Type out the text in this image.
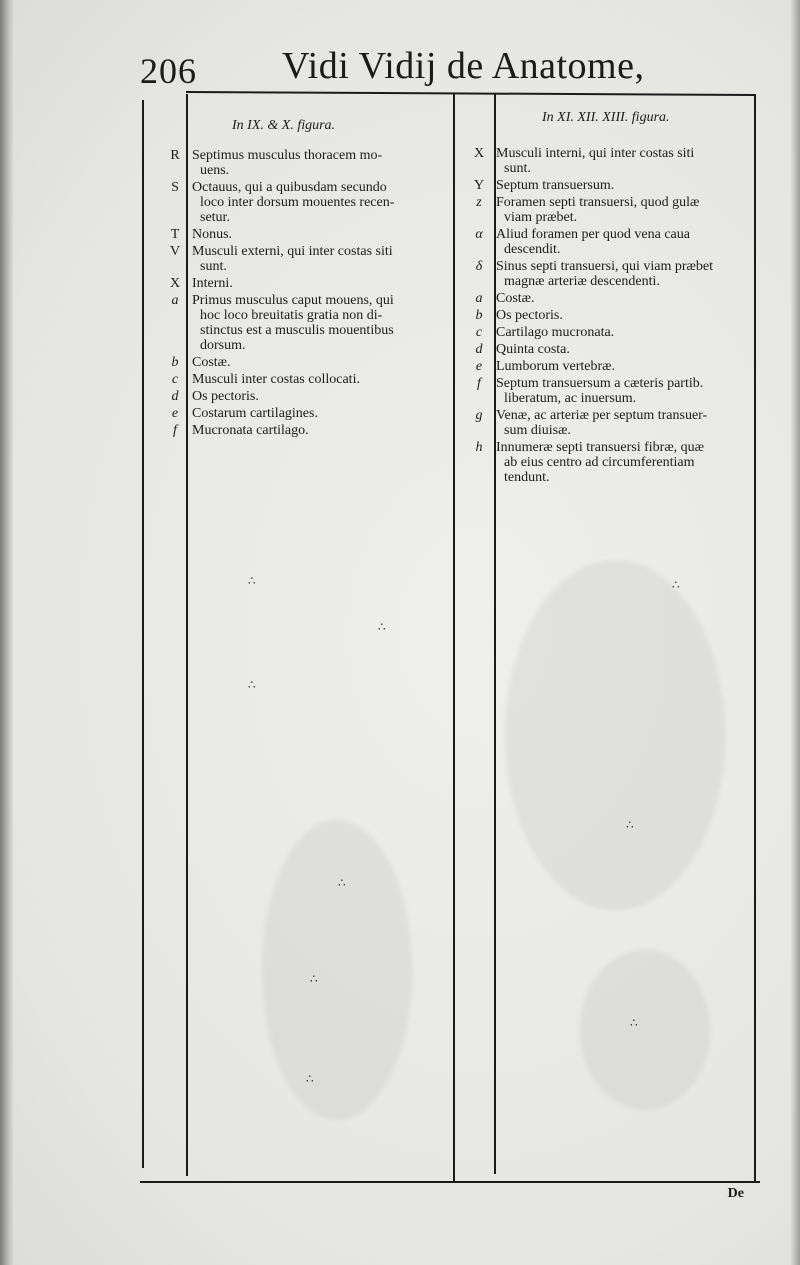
∴
∴
∴
∴
∴
∴
∴
∴
∴
206 Vidi Vidij de Anatome,
In IX. & X. figura.
In XI. XII. XIII. figura.
R Septimus musculus thoracem mo-
uens.
S Octauus, qui a quibusdam secundo
loco inter dorsum mouentes recen-
setur.
T Nonus.
V Musculi externi, qui inter costas siti
sunt.
X Interni.
a Primus musculus caput mouens, qui
hoc loco breuitatis gratia non di-
stinctus est a musculis mouentibus
dorsum.
b Costæ.
c Musculi inter costas collocati.
d Os pectoris.
e Costarum cartilagines.
f	Mucronata cartilago.
X Musculi interni, qui inter costas siti
sunt.
Y Septum transuersum.
z	Foramen septi transuersi, quod gulæ
viam præbet.
α Aliud foramen per quod vena caua
descendit.
δ Sinus septi transuersi, qui viam præbet
magnæ arteriæ descendenti.
a Costæ.
b Os pectoris.
c Cartilago mucronata.
d Quinta costa.
e Lumborum vertebræ.
f	Septum transuersum a cæteris partib.
liberatum, ac inuersum.
g Venæ, ac arteriæ per septum transuer-
sum diuisæ.
h Innumeræ septi transuersi fibræ, quæ
ab eius centro ad circumferentiam
tendunt.
De
